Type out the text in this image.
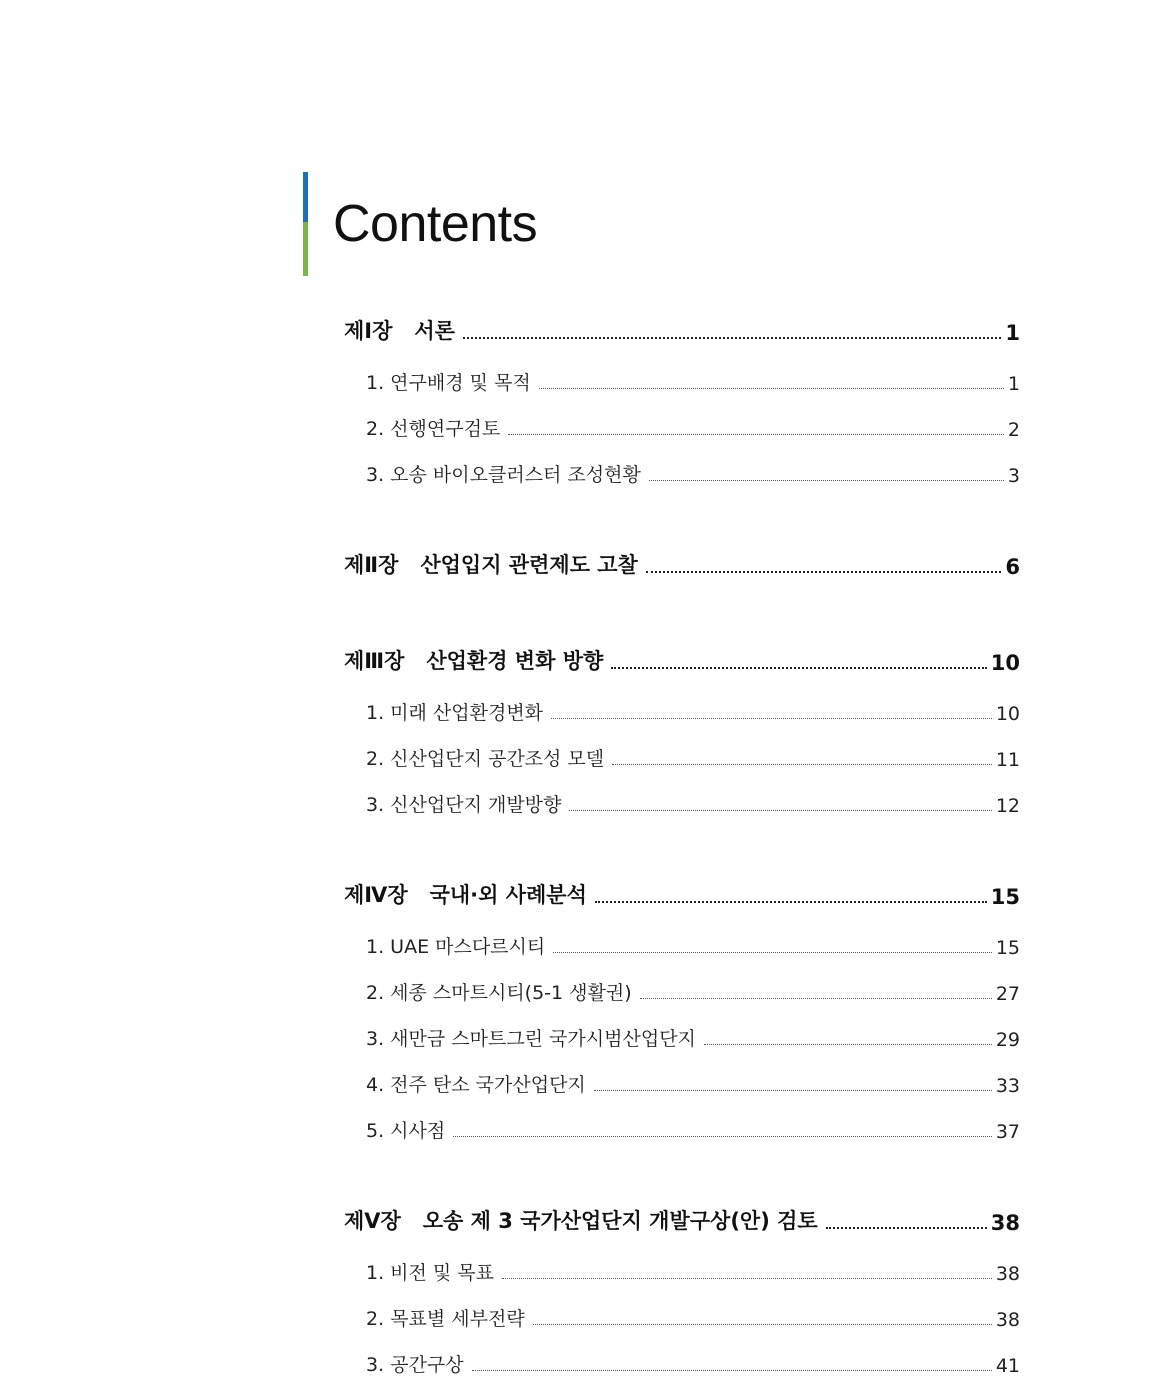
Contents
제Ⅰ장   서론	1
1. 연구배경 및 목적	1
2. 선행연구검토	2
3. 오송 바이오클러스터 조성현황	3
제Ⅱ장   산업입지 관련제도 고찰	6
제Ⅲ장   산업환경 변화 방향	10
1. 미래 산업환경변화	10
2. 신산업단지 공간조성 모델	11
3. 신산업단지 개발방향	12
제Ⅳ장   국내·외 사례분석	15
1. UAE 마스다르시티	15
2. 세종 스마트시티(5-1 생활권)	27
3. 새만금 스마트그린 국가시범산업단지	29
4. 전주 탄소 국가산업단지	33
5. 시사점	37
제Ⅴ장   오송 제 3 국가산업단지 개발구상(안) 검토	38
1. 비전 및 목표	38
2. 목표별 세부전략	38
3. 공간구상	41
